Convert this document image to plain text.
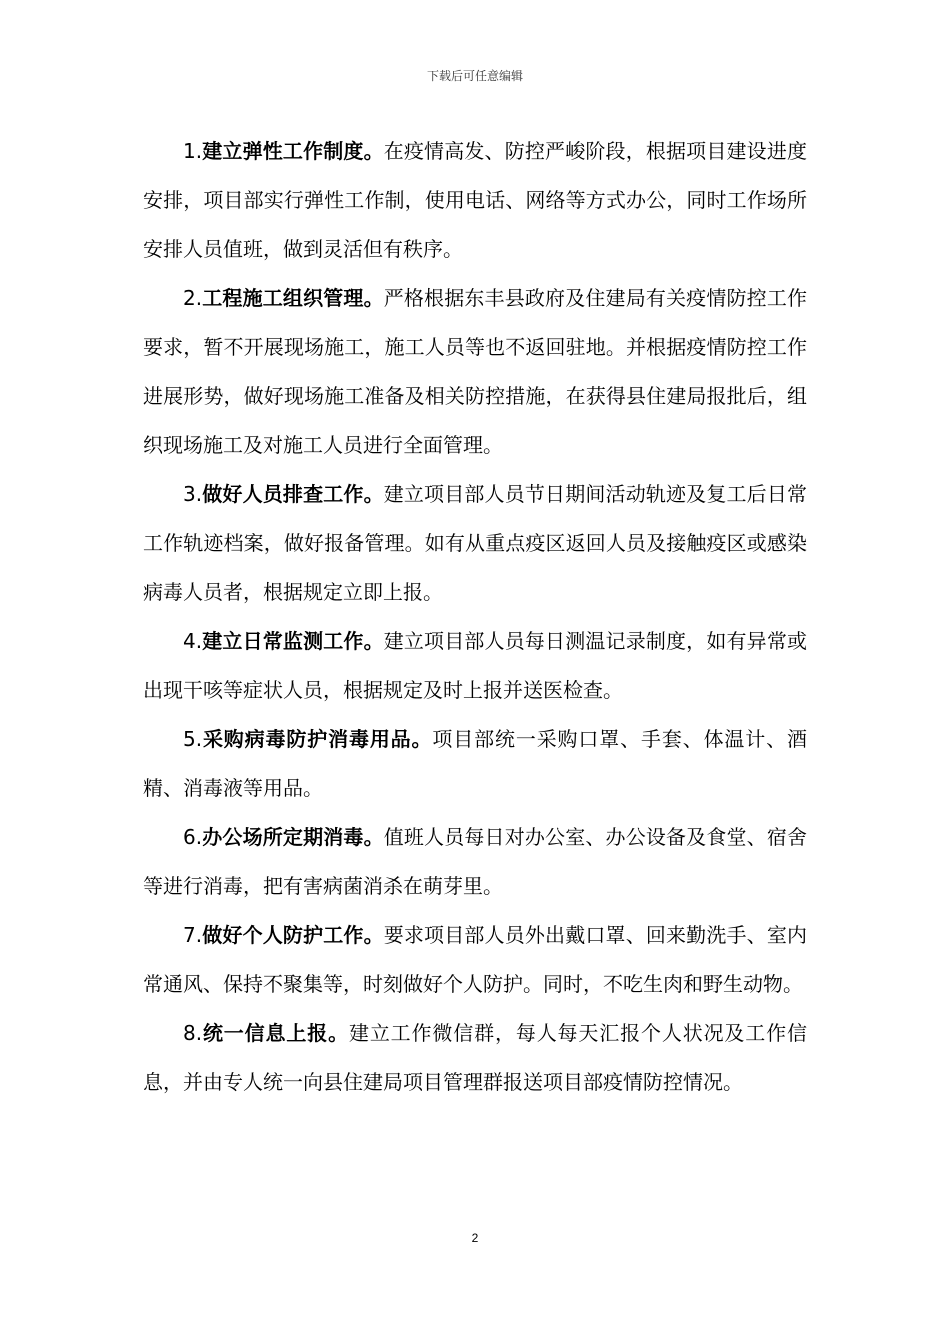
下载后可任意编辑

1.建立弹性工作制度。在疫情高发、防控严峻阶段，根据项目建设进度安排，项目部实行弹性工作制，使用电话、网络等方式办公，同时工作场所安排人员值班，做到灵活但有秩序。

2.工程施工组织管理。严格根据东丰县政府及住建局有关疫情防控工作要求，暂不开展现场施工，施工人员等也不返回驻地。并根据疫情防控工作进展形势，做好现场施工准备及相关防控措施，在获得县住建局报批后，组织现场施工及对施工人员进行全面管理。

3.做好人员排查工作。建立项目部人员节日期间活动轨迹及复工后日常工作轨迹档案，做好报备管理。如有从重点疫区返回人员及接触疫区或感染病毒人员者，根据规定立即上报。

4.建立日常监测工作。建立项目部人员每日测温记录制度，如有异常或出现干咳等症状人员，根据规定及时上报并送医检查。

5.采购病毒防护消毒用品。项目部统一采购口罩、手套、体温计、酒精、消毒液等用品。

6.办公场所定期消毒。值班人员每日对办公室、办公设备及食堂、宿舍等进行消毒，把有害病菌消杀在萌芽里。

7.做好个人防护工作。要求项目部人员外出戴口罩、回来勤洗手、室内常通风、保持不聚集等，时刻做好个人防护。同时，不吃生肉和野生动物。

8.统一信息上报。建立工作微信群，每人每天汇报个人状况及工作信息，并由专人统一向县住建局项目管理群报送项目部疫情防控情况。

2
